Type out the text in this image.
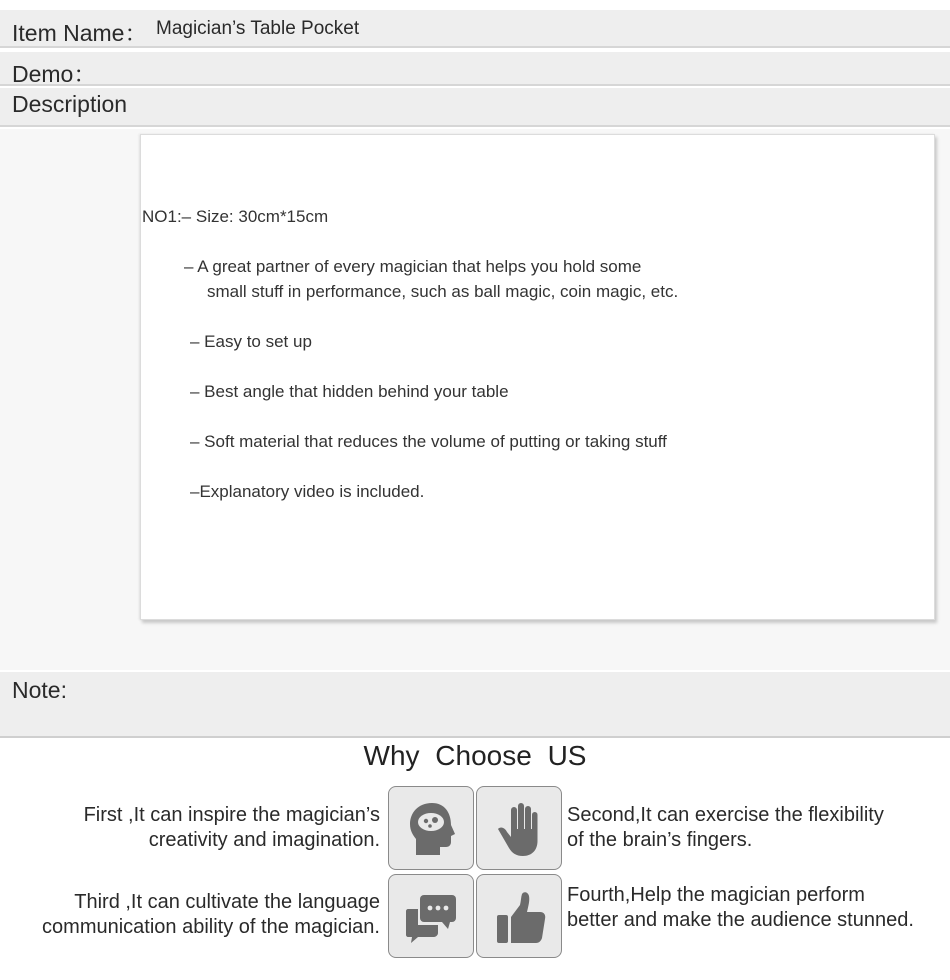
Item Name： Magician’s Table Pocket
Demo：
Description
NO1:– Size: 30cm*15cm
– A great partner of every magician that helps you hold some
small stuff in performance, such as ball magic, coin magic, etc.
– Easy to set up
– Best angle that hidden behind your table
– Soft material that reduces the volume of putting or taking stuff
–Explanatory video is included.
Note:
Why Choose US
First ,It can inspire the magician’s
creativity and imagination.
Second,It can exercise the flexibility
of the brain’s fingers.
Third ,It can cultivate the language
communication ability of the magician.
Fourth,Help the magician perform
better and make the audience stunned.
